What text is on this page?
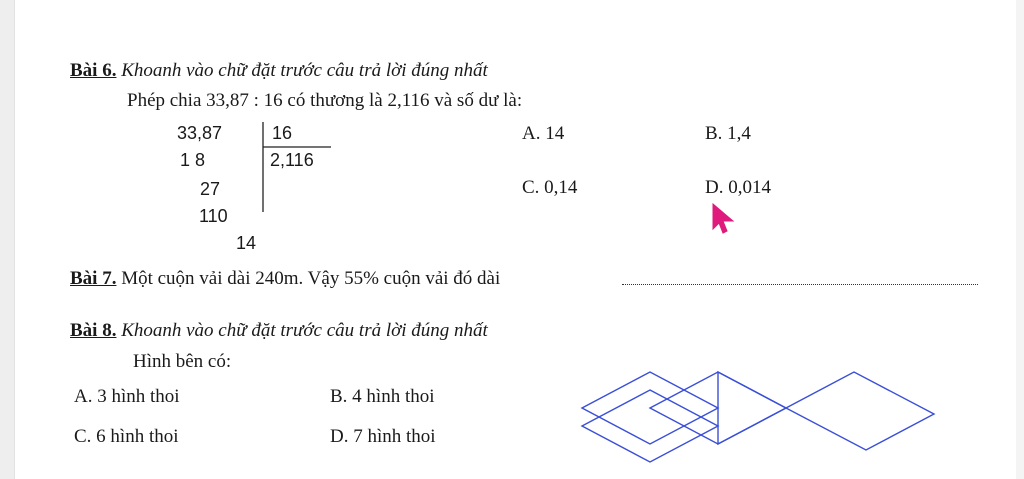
Bài 6. Khoanh vào chữ đặt trước câu trả lời đúng nhất
Phép chia 33,87 : 16 có thương là 2,116 và số dư là:
33,87	16
2,116
1 8
27
110
14
A. 14	B. 1,4
C. 0,14	D. 0,014
Bài 7. Một cuộn vải dài 240m. Vậy 55% cuộn vải đó dài
Bài 8. Khoanh vào chữ đặt trước câu trả lời đúng nhất
Hình bên có:
A. 3 hình thoi	B. 4 hình thoi
C. 6 hình thoi	D. 7 hình thoi
